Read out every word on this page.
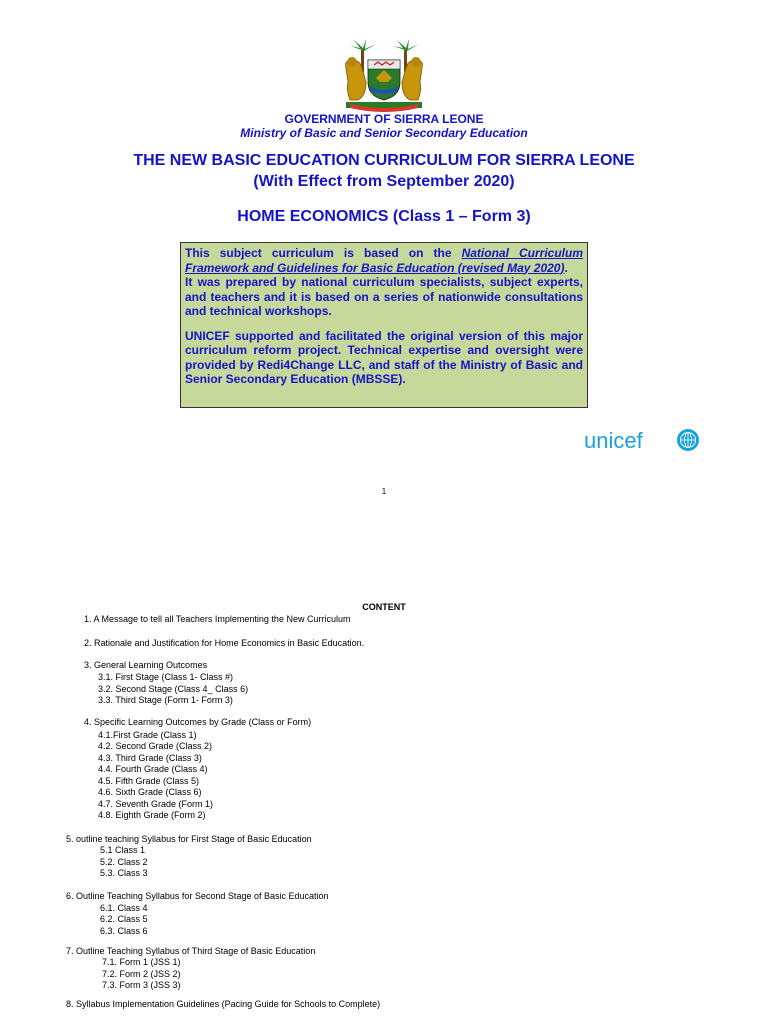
GOVERNMENT OF SIERRA LEONE
Ministry of Basic and Senior Secondary Education
THE NEW BASIC EDUCATION CURRICULUM FOR SIERRA LEONE
(With Effect from September 2020)
HOME ECONOMICS (Class 1 – Form 3)

This subject curriculum is based on the National Curriculum Framework and Guidelines for Basic Education (revised May 2020).

It was prepared by national curriculum specialists, subject experts, and teachers and it is based on a series of nationwide consultations and technical workshops.

UNICEF supported and facilitated the original version of this major curriculum reform project. Technical expertise and oversight were provided by Redi4Change LLC, and staff of the Ministry of Basic and Senior Secondary Education (MBSSE).

unicef
1
CONTENT
1. A Message to tell all Teachers Implementing the New Curriculum
2. Rationale and Justification for Home Economics in Basic Education.
3. General Learning Outcomes
3.1. First Stage (Class 1- Class #)
3.2. Second Stage (Class 4_ Class 6)
3.3. Third Stage (Form 1- Form 3)
4. Specific Learning Outcomes by Grade (Class or Form)
4.1.First Grade (Class 1)
4.2. Second Grade (Class 2)
4.3. Third Grade (Class 3)
4.4. Fourth Grade (Class 4)
4.5. Fifth Grade (Class 5)
4.6. Sixth Grade (Class 6)
4.7. Seventh Grade (Form 1)
4.8. Eighth Grade (Form 2)
5. outline teaching Syllabus for First Stage of Basic Education
5.1 Class 1
5.2. Class 2
5.3. Class 3
6. Outline Teaching Syllabus for Second Stage of Basic Education
6.1. Class 4
6.2. Class 5
6.3. Class 6
7. Outline Teaching Syllabus of Third Stage of Basic Education
7.1. Form 1 (JSS 1)
7.2. Form 2 (JSS 2)
7.3. Form 3 (JSS 3)
8. Syllabus Implementation Guidelines (Pacing Guide for Schools to Complete)
